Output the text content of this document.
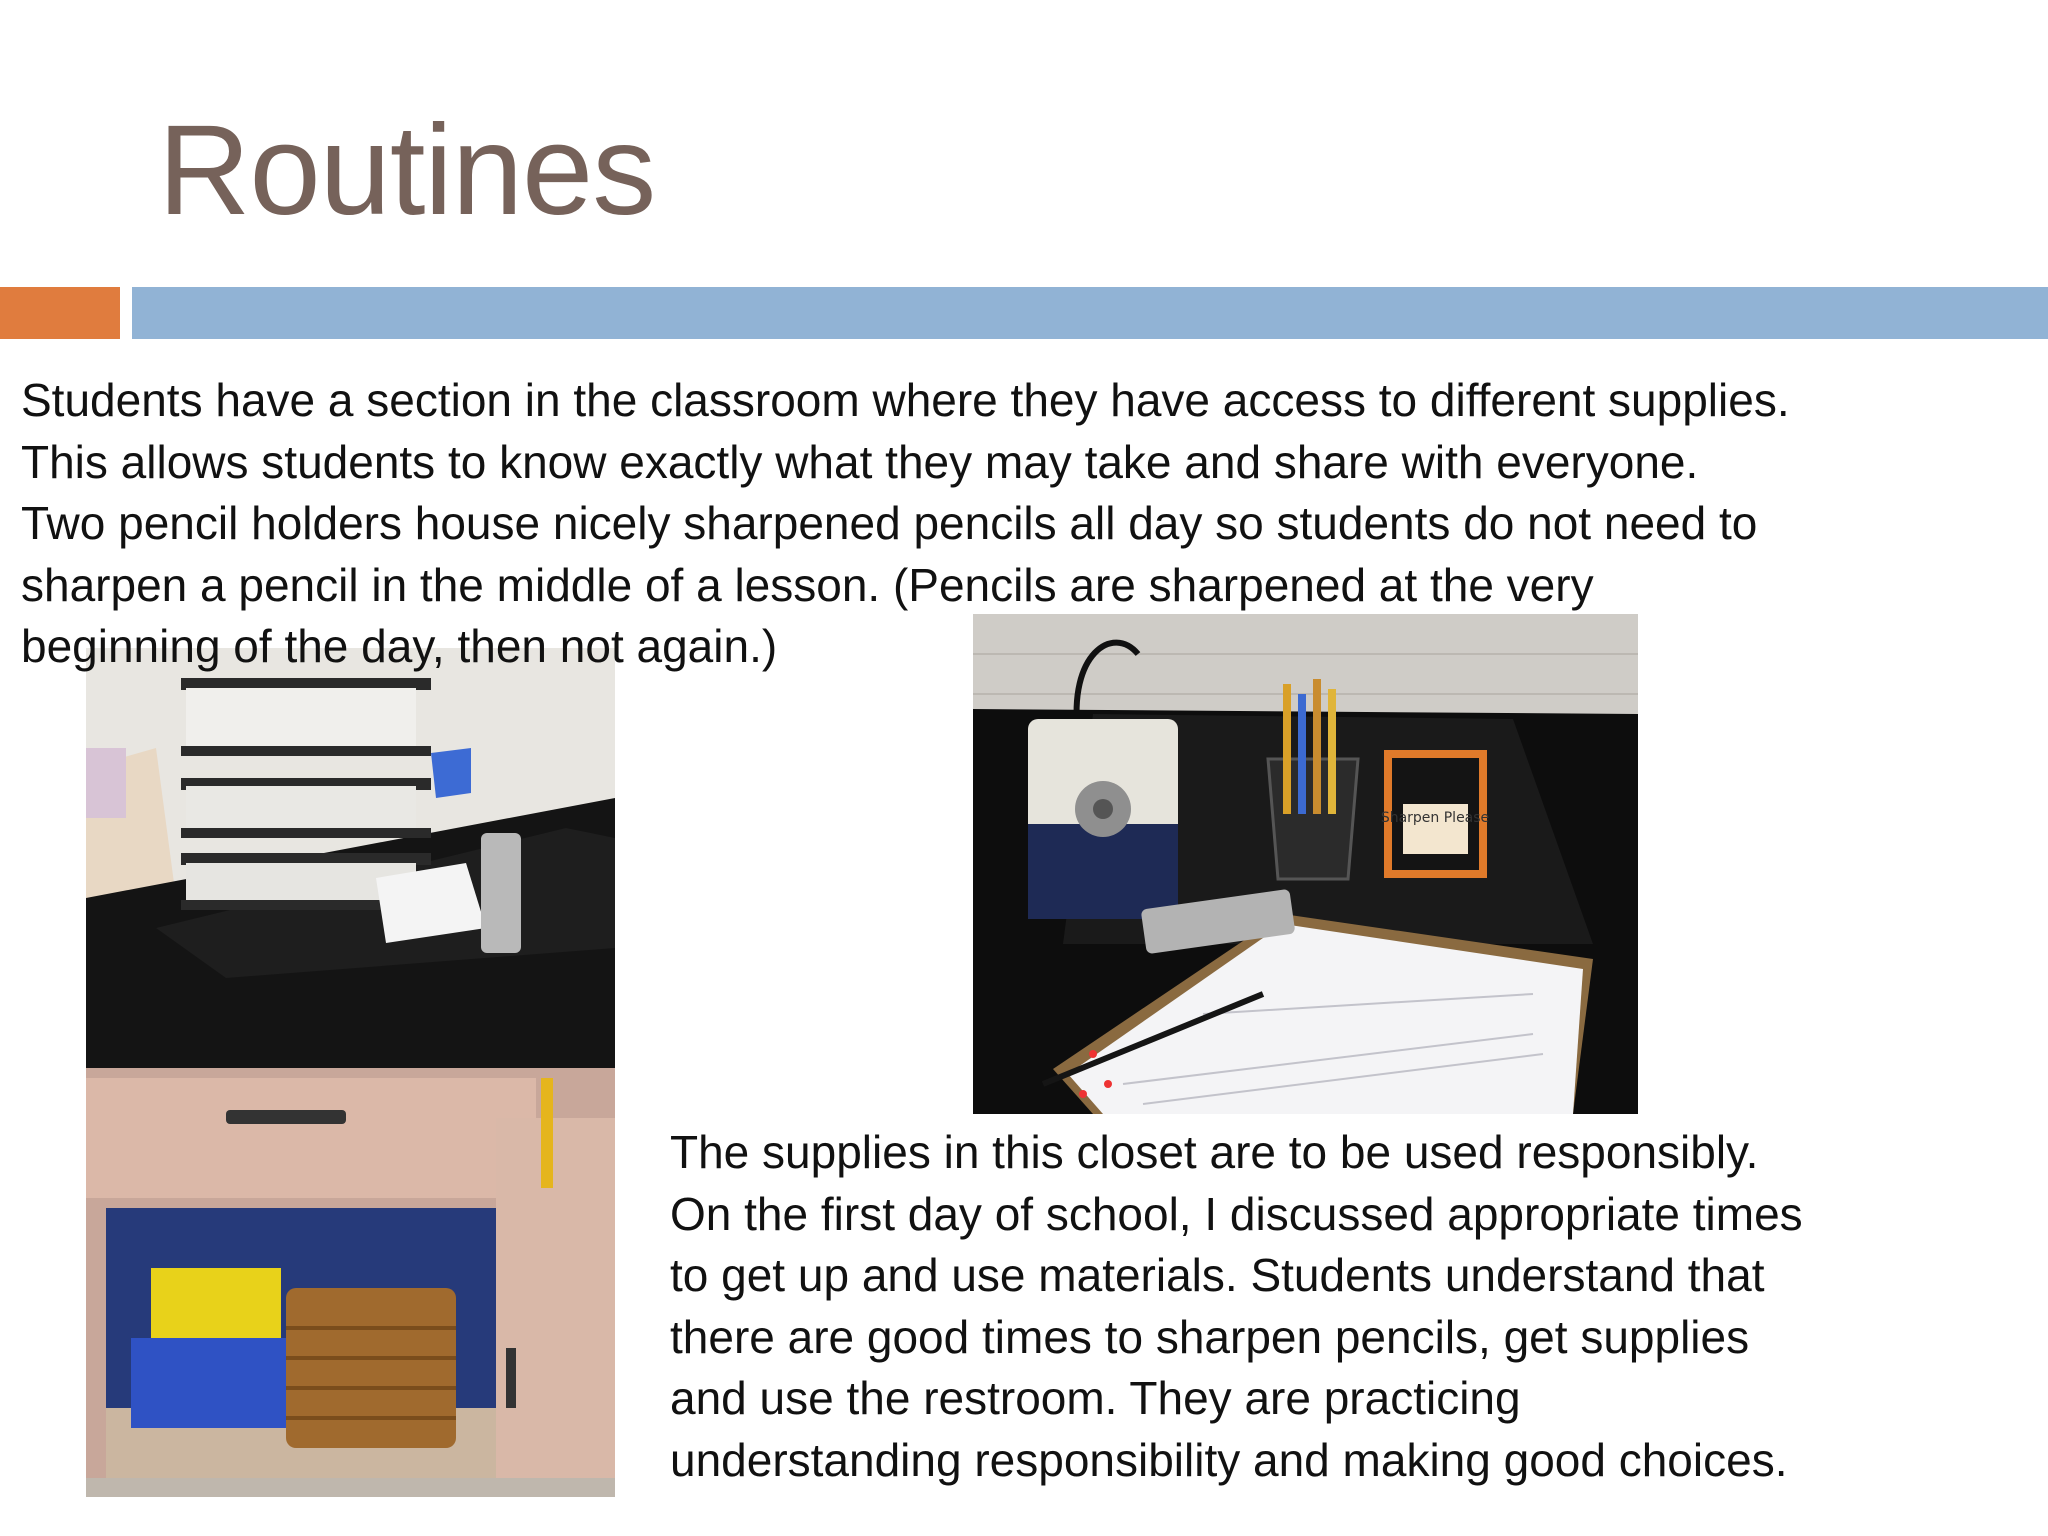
Routines
Sharpen Please

Students have a section in the classroom where they have access to different supplies.
This allows students to know exactly what they may take and share with everyone.
Two pencil holders house nicely sharpened pencils all day so students do not need to
sharpen a pencil in the middle of a lesson. (Pencils are sharpened at the very
beginning of the day, then not again.)

The supplies in this closet are to be used responsibly.
On the first day of school, I discussed appropriate times
to get up and use materials. Students understand that
there are good times to sharpen pencils, get supplies
and use the restroom. They are practicing
understanding responsibility and making good choices.
